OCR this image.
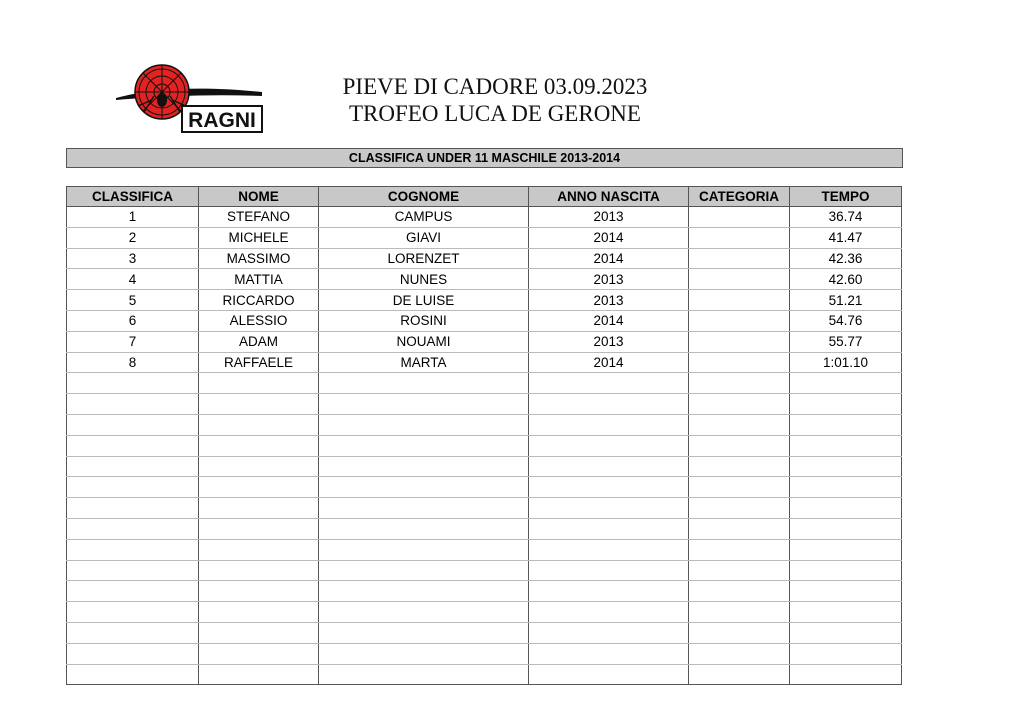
RAGNI
PIEVE DI CADORE 03.09.2023
TROFEO LUCA DE GERONE
CLASSIFICA UNDER 11 MASCHILE 2013-2014
CLASSIFICA	NOME	COGNOME	ANNO NASCITA	CATEGORIA	TEMPO
1	STEFANO	CAMPUS	2013		36.74
2	MICHELE	GIAVI	2014		41.47
3	MASSIMO	LORENZET	2014		42.36
4	MATTIA	NUNES	2013		42.60
5	RICCARDO	DE LUISE	2013		51.21
6	ALESSIO	ROSINI	2014		54.76
7	ADAM	NOUAMI	2013		55.77
8	RAFFAELE	MARTA	2014		1:01.10
